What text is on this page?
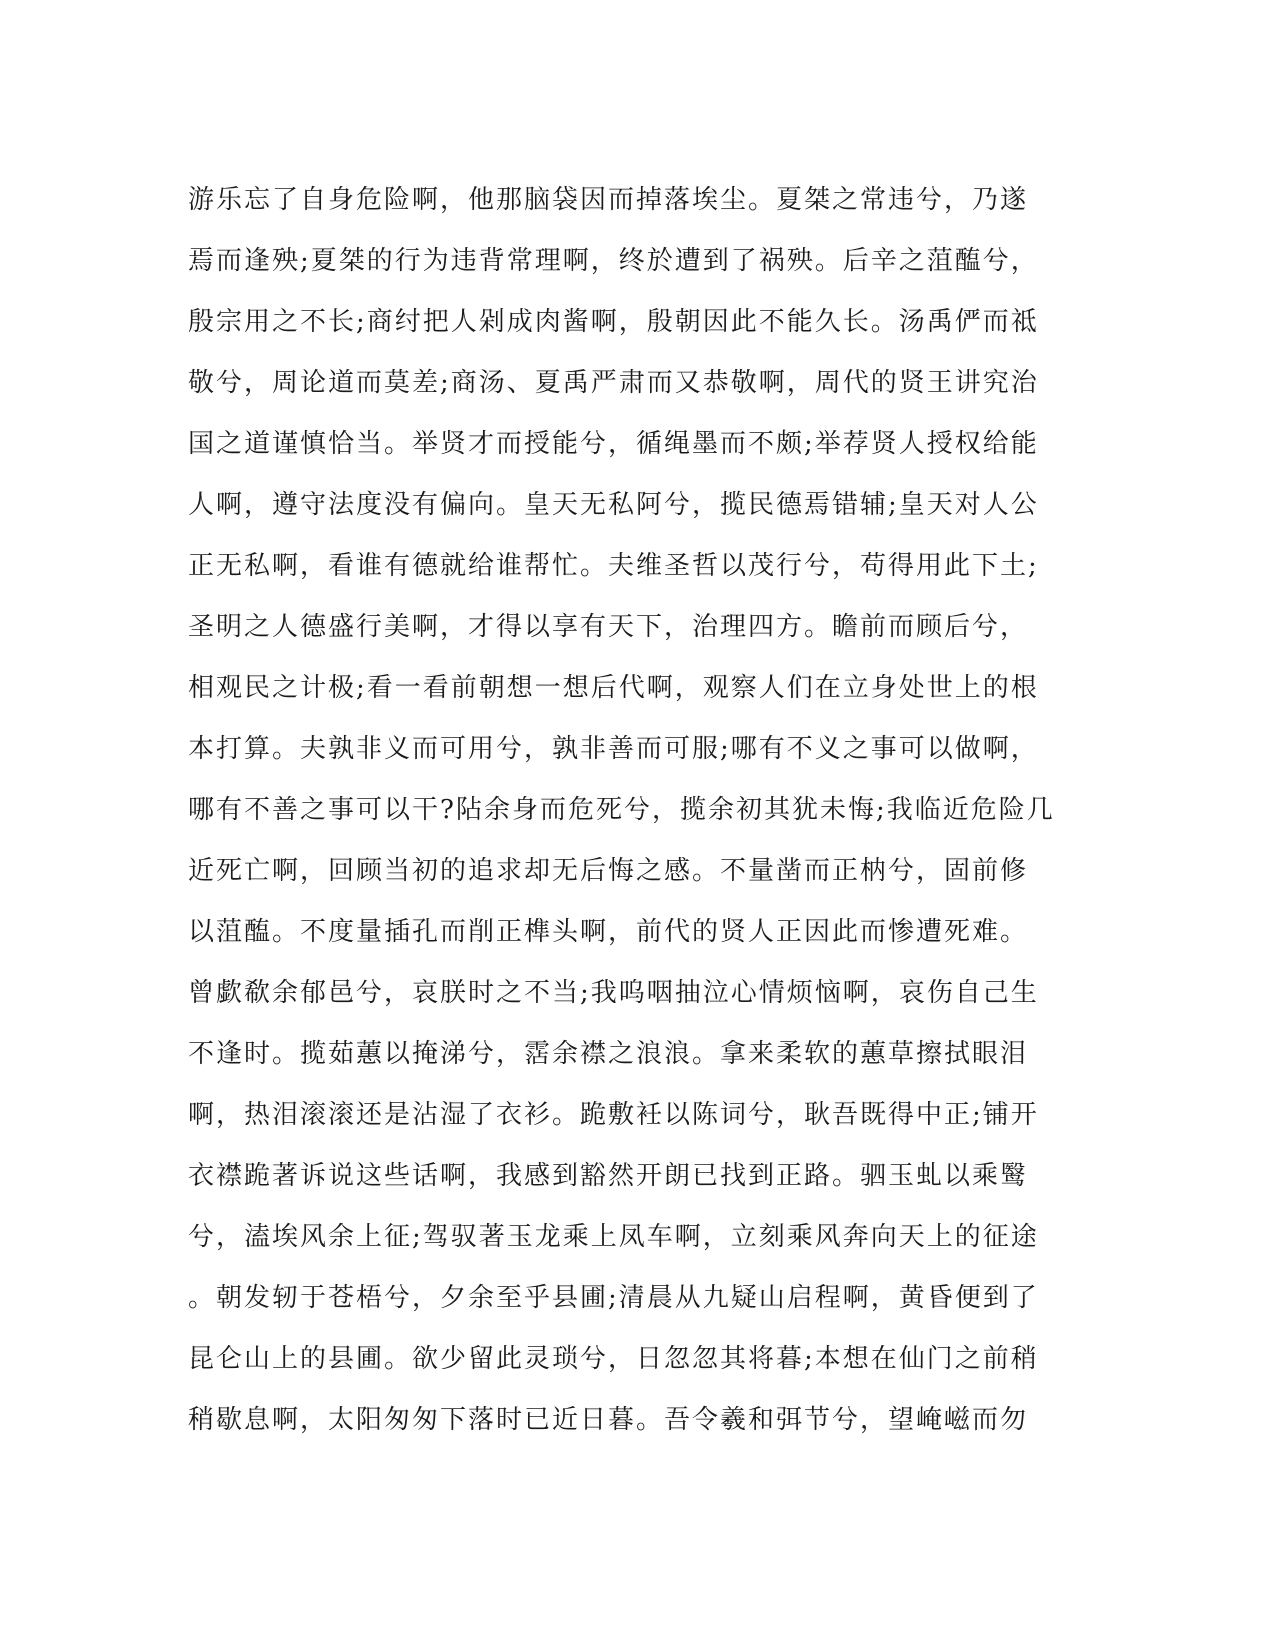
游乐忘了自身危险啊，他那脑袋因而掉落埃尘。夏桀之常违兮，乃遂
焉而逢殃;夏桀的行为违背常理啊，终於遭到了祸殃。后辛之菹醢兮，
殷宗用之不长;商纣把人剁成肉酱啊，殷朝因此不能久长。汤禹俨而祗
敬兮，周论道而莫差;商汤、夏禹严肃而又恭敬啊，周代的贤王讲究治
国之道谨慎恰当。举贤才而授能兮，循绳墨而不颇;举荐贤人授权给能
人啊，遵守法度没有偏向。皇天无私阿兮，揽民德焉错辅;皇天对人公
正无私啊，看谁有德就给谁帮忙。夫维圣哲以茂行兮，苟得用此下土;
圣明之人德盛行美啊，才得以享有天下，治理四方。瞻前而顾后兮，
相观民之计极;看一看前朝想一想后代啊，观察人们在立身处世上的根
本打算。夫孰非义而可用兮，孰非善而可服;哪有不义之事可以做啊，
哪有不善之事可以干?阽余身而危死兮，揽余初其犹未悔;我临近危险几
近死亡啊，回顾当初的追求却无后悔之感。不量凿而正枘兮，固前修
以菹醢。不度量插孔而削正榫头啊，前代的贤人正因此而惨遭死难。
曾歔欷余郁邑兮，哀朕时之不当;我呜咽抽泣心情烦恼啊，哀伤自己生
不逢时。揽茹蕙以掩涕兮，霑余襟之浪浪。拿来柔软的蕙草擦拭眼泪
啊，热泪滚滚还是沾湿了衣衫。跪敷衽以陈词兮，耿吾既得中正;铺开
衣襟跪著诉说这些话啊，我感到豁然开朗已找到正路。驷玉虬以乘鹥
兮，溘埃风余上征;驾驭著玉龙乘上凤车啊，立刻乘风奔向天上的征途
。朝发轫于苍梧兮，夕余至乎县圃;清晨从九疑山启程啊，黄昏便到了
昆仑山上的县圃。欲少留此灵琐兮，日忽忽其将暮;本想在仙门之前稍
稍歇息啊，太阳匆匆下落时已近日暮。吾令羲和弭节兮，望崦嵫而勿
